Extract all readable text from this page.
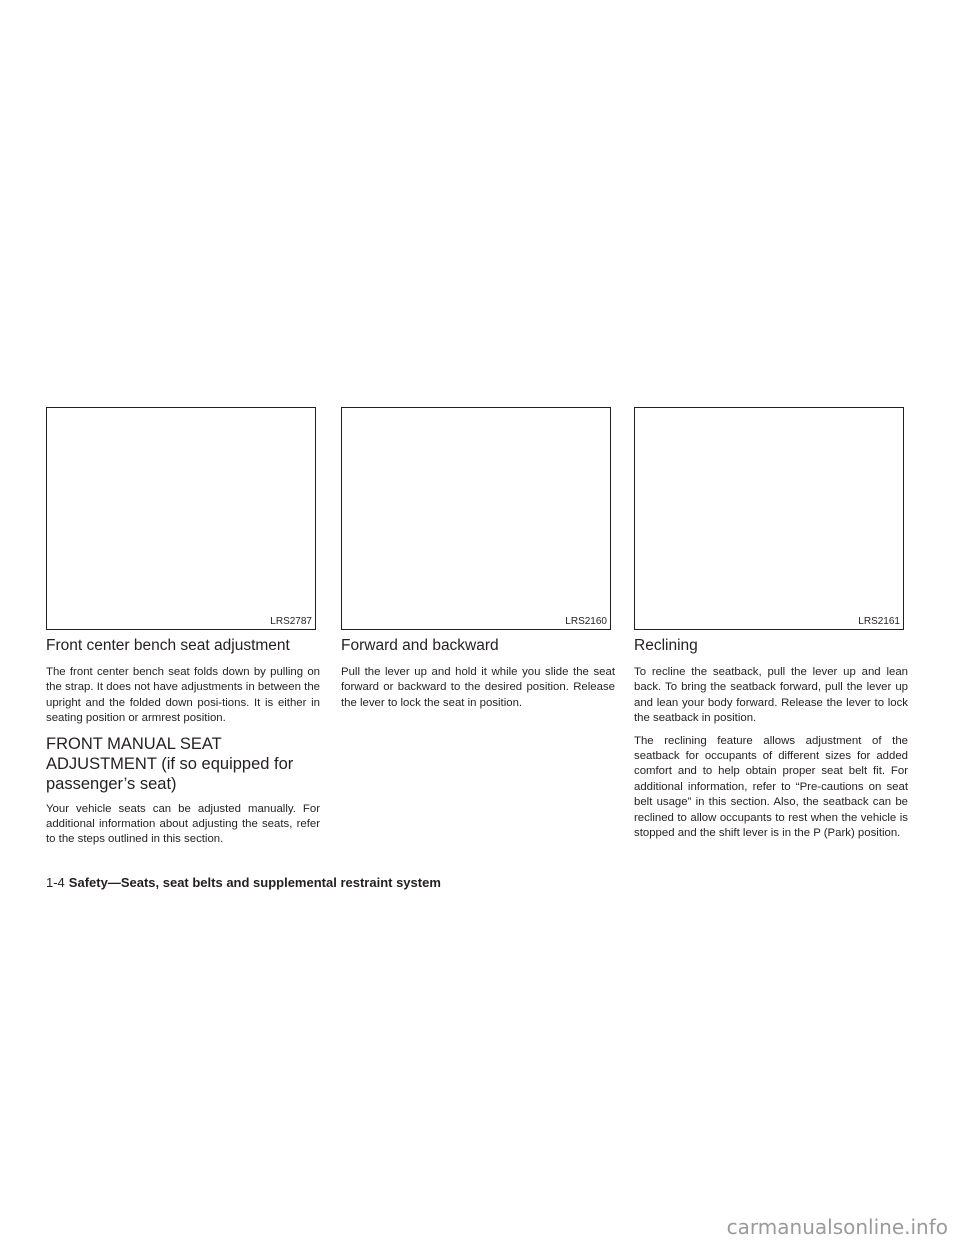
LRS2787	LRS2160	LRS2161
Front center bench seat adjustment

The front center bench seat folds down by pulling on the strap. It does not have adjustments in between the upright and the folded down posi-tions. It is either in seating position or armrest position.

FRONT MANUAL SEAT ADJUSTMENT (if so equipped for passenger’s seat)

Your vehicle seats can be adjusted manually. For additional information about adjusting the seats, refer to the steps outlined in this section.

Forward and backward

Pull the lever up and hold it while you slide the seat forward or backward to the desired position. Release the lever to lock the seat in position.

Reclining

To recline the seatback, pull the lever up and lean back. To bring the seatback forward, pull the lever up and lean your body forward. Release the lever to lock the seatback in position.

The reclining feature allows adjustment of the seatback for occupants of different sizes for added comfort and to help obtain proper seat belt fit. For additional information, refer to “Pre-cautions on seat belt usage” in this section. Also, the seatback can be reclined to allow occupants to rest when the vehicle is stopped and the shift lever is in the P (Park) position.

1-4 Safety—Seats, seat belts and supplemental restraint system
carmanualsonline.info
